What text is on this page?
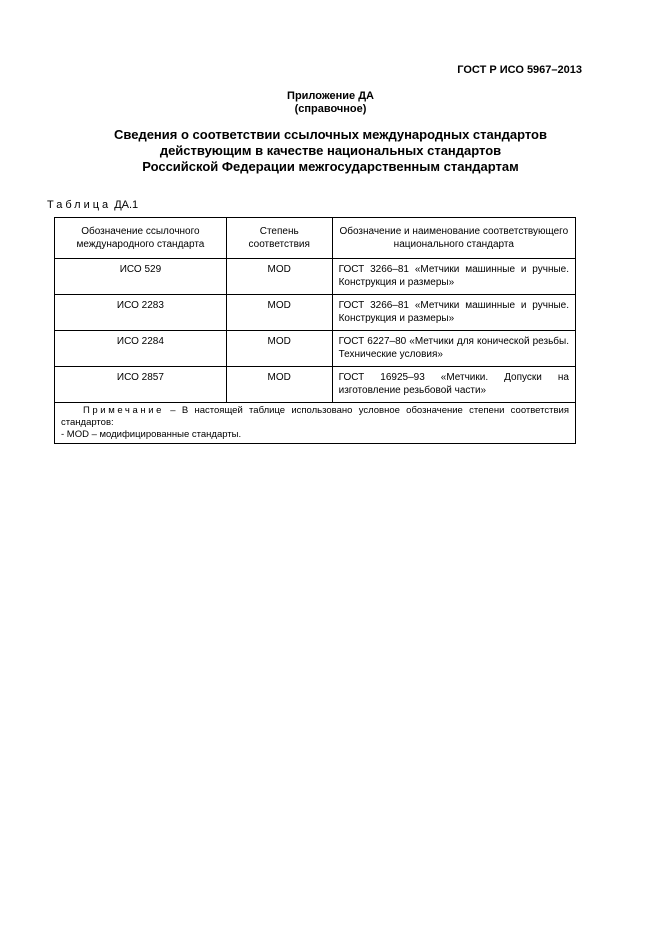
ГОСТ Р ИСО 5967–2013
Приложение ДА
(справочное)
Сведения о соответствии ссылочных международных стандартов
действующим в качестве национальных стандартов
Российской Федерации межгосударственным стандартам
Таблица ДА.1
Обозначение ссылочного международного стандарта	Степень соответствия	Обозначение и наименование соответствующего национального стандарта
ИСО 529	MOD	ГОСТ 3266–81 «Метчики машинные и ручные. Конструкция и размеры»
ИСО 2283	MOD	ГОСТ 3266–81 «Метчики машинные и ручные. Конструкция и размеры»
ИСО 2284	MOD	ГОСТ 6227–80 «Метчики для конической резьбы. Технические условия»
ИСО 2857	MOD	ГОСТ 16925–93 «Метчики. Допуски на изготовление резьбовой части»

Примечание – В настоящей таблице использовано условное обозначение степени соответствия стандартов:
- MOD – модифицированные стандарты.		
